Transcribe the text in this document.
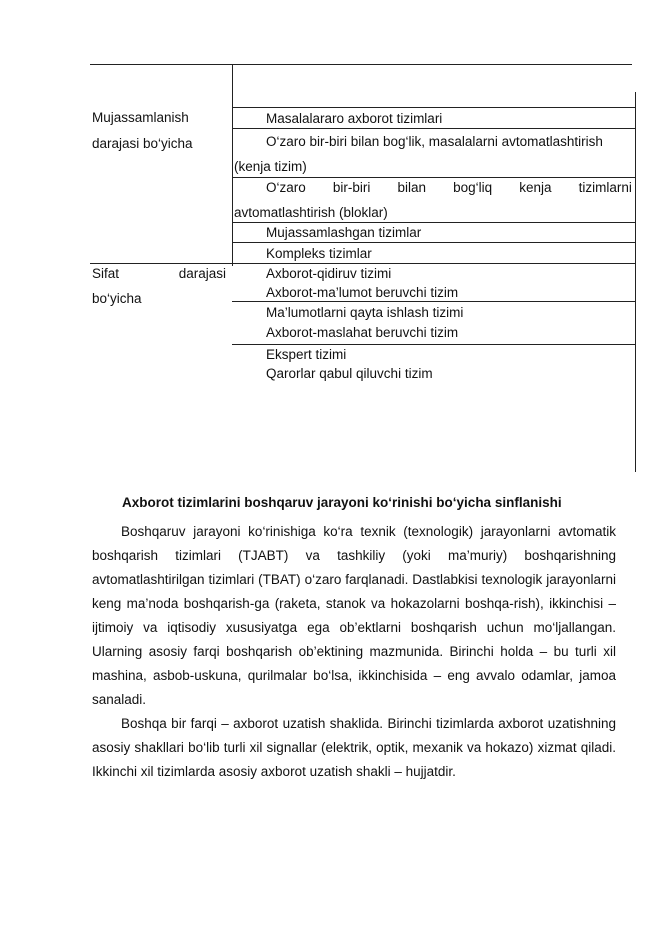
Mujassamlanish
darajasi bo‘yicha
Masalalararo axborot tizimlari
O‘zaro bir-biri bilan bog‘lik, masalalarni avtomatlashtirish
(kenja tizim)
O‘zaro bir-biri bilan bog‘liq kenja tizimlarni
avtomatlashtirish (bloklar)
Mujassamlashgan tizimlar
Kompleks tizimlar
Sifat	darajasi
bo‘yicha
Axborot-qidiruv tizimi
Axborot-ma’lumot beruvchi tizim
Ma’lumotlarni qayta ishlash tizimi
Axborot-maslahat beruvchi tizim
Ekspert tizimi
Qarorlar qabul qiluvchi tizim
Axborot tizimlarini boshqaruv jarayoni ko‘rinishi bo‘yicha sinflanishi

Boshqaruv jarayoni ko‘rinishiga ko‘ra texnik (texnologik) jarayonlarni avtomatik boshqarish tizimlari (TJABT) va tashkiliy (yoki ma’muriy) boshqarishning avtomatlashtirilgan tizimlari (TBAT) o‘zaro farqlanadi. Dastlabkisi texnologik jarayonlarni keng ma’noda boshqarish-ga (raketa, stanok va hokazolarni boshqa-rish), ikkinchisi – ijtimoiy va iqtisodiy xususiyatga ega ob’ektlarni boshqarish uchun mo‘ljallangan. Ularning asosiy farqi boshqarish ob’ektining mazmunida. Birinchi holda – bu turli xil mashina, asbob-uskuna, qurilmalar bo‘lsa, ikkinchisida – eng avvalo odamlar, jamoa sanaladi.

Boshqa bir farqi – axborot uzatish shaklida. Birinchi tizimlarda axborot uzatishning asosiy shakllari bo‘lib turli xil signallar (elektrik, optik, mexanik va hokazo) xizmat qiladi. Ikkinchi xil tizimlarda asosiy axborot uzatish shakli – hujjatdir.
